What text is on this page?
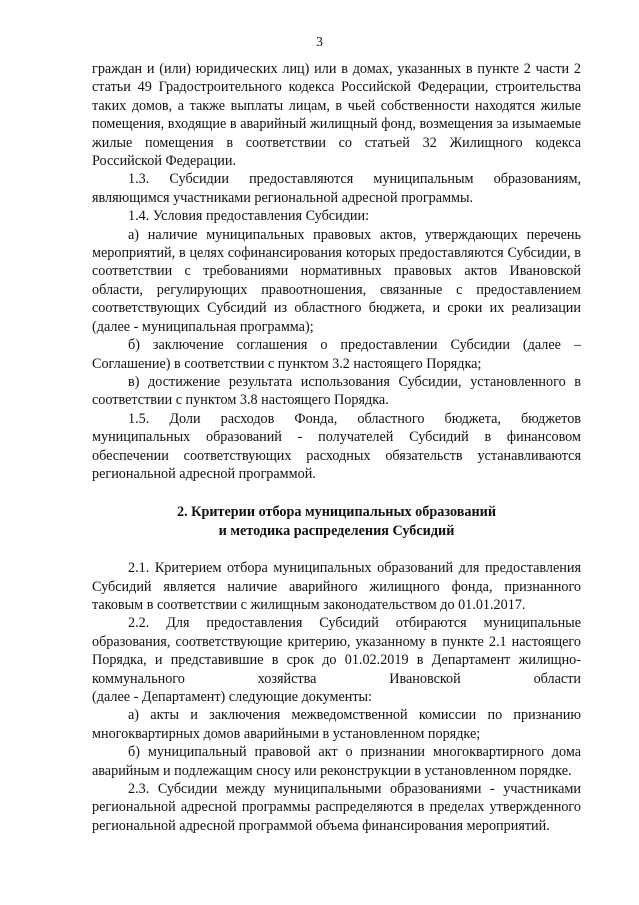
3

граждан и (или) юридических лиц) или в домах, указанных в пункте 2 части 2 статьи 49 Градостроительного кодекса Российской Федерации, строительства таких домов, а также выплаты лицам, в чьей собственности находятся жилые помещения, входящие в аварийный жилищный фонд, возмещения за изымаемые жилые помещения в соответствии со статьей 32 Жилищного кодекса Российской Федерации.

1.3. Субсидии предоставляются муниципальным образованиям, являющимся участниками региональной адресной программы.

1.4. Условия предоставления Субсидии:

а) наличие муниципальных правовых актов, утверждающих перечень мероприятий, в целях софинансирования которых предоставляются Субсидии, в соответствии с требованиями нормативных правовых актов Ивановской области, регулирующих правоотношения, связанные с предоставлением соответствующих Субсидий из областного бюджета, и сроки их реализации (далее - муниципальная программа);

б) заключение соглашения о предоставлении Субсидии (далее – Соглашение) в соответствии с пунктом 3.2 настоящего Порядка;

в) достижение результата использования Субсидии, установленного в соответствии с пунктом 3.8 настоящего Порядка.

1.5. Доли расходов Фонда, областного бюджета, бюджетов муниципальных образований - получателей Субсидий в финансовом обеспечении соответствующих расходных обязательств устанавливаются региональной адресной программой.

2. Критерии отбора муниципальных образований
и методика распределения Субсидий

2.1. Критерием отбора муниципальных образований для предоставления Субсидий является наличие аварийного жилищного фонда, признанного таковым в соответствии с жилищным законодательством до 01.01.2017.

2.2. Для предоставления Субсидий отбираются муниципальные образования, соответствующие критерию, указанному в пункте 2.1 настоящего Порядка, и представившие в срок до 01.02.2019 в Департамент жилищно-коммунального хозяйства Ивановской области

(далее - Департамент) следующие документы:

а) акты и заключения межведомственной комиссии по признанию многоквартирных домов аварийными в установленном порядке;

б) муниципальный правовой акт о признании многоквартирного дома аварийным и подлежащим сносу или реконструкции в установленном порядке.

2.3. Субсидии между муниципальными образованиями - участниками региональной адресной программы распределяются в пределах утвержденного региональной адресной программой объема финансирования мероприятий.
